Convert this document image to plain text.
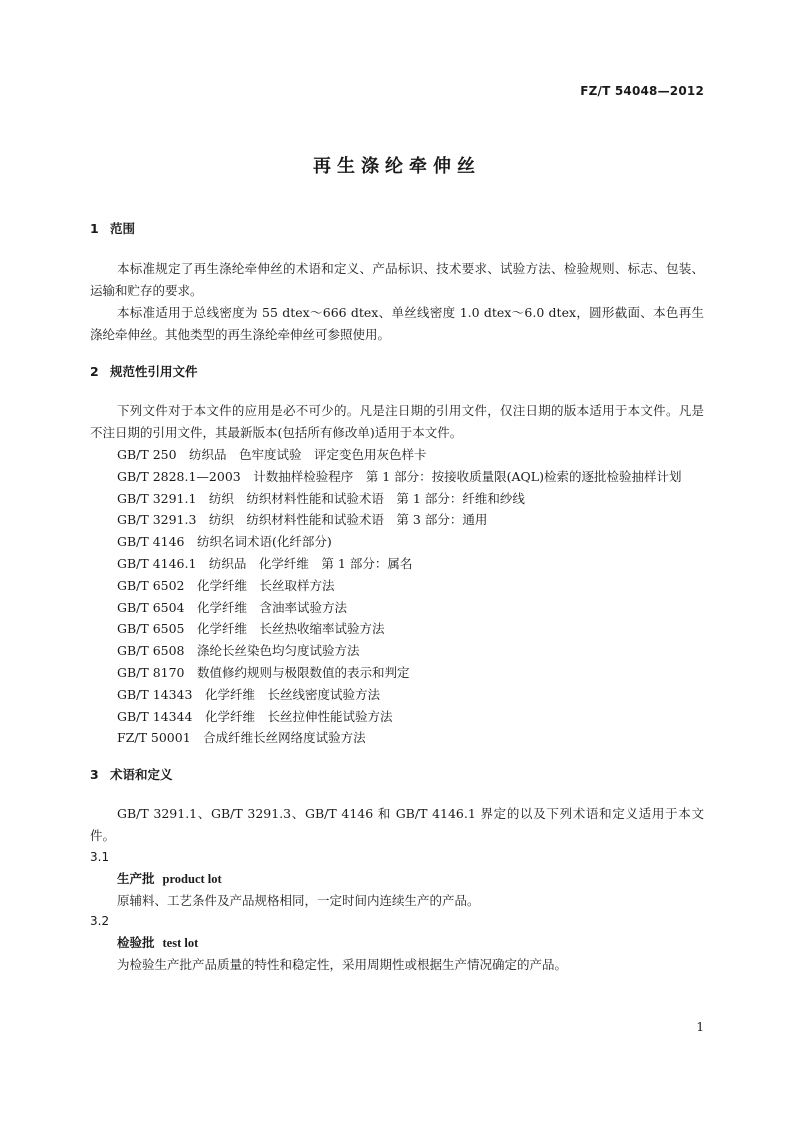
FZ/T 54048—2012
再生涤纶牵伸丝
1 范围

本标准规定了再生涤纶牵伸丝的术语和定义、产品标识、技术要求、试验方法、检验规则、标志、包装、运输和贮存的要求。

本标准适用于总线密度为 55 dtex～666 dtex、单丝线密度 1.0 dtex～6.0 dtex，圆形截面、本色再生涤纶牵伸丝。其他类型的再生涤纶牵伸丝可参照使用。

2 规范性引用文件

下列文件对于本文件的应用是必不可少的。凡是注日期的引用文件，仅注日期的版本适用于本文件。凡是不注日期的引用文件，其最新版本(包括所有修改单)适用于本文件。

GB/T 250　纺织品　色牢度试验　评定变色用灰色样卡

GB/T 2828.1—2003　计数抽样检验程序　第 1 部分：按接收质量限(AQL)检索的逐批检验抽样计划

GB/T 3291.1　纺织　纺织材料性能和试验术语　第 1 部分：纤维和纱线

GB/T 3291.3　纺织　纺织材料性能和试验术语　第 3 部分：通用

GB/T 4146　纺织名词术语(化纤部分)

GB/T 4146.1　纺织品　化学纤维　第 1 部分：属名

GB/T 6502　化学纤维　长丝取样方法

GB/T 6504　化学纤维　含油率试验方法

GB/T 6505　化学纤维　长丝热收缩率试验方法

GB/T 6508　涤纶长丝染色均匀度试验方法

GB/T 8170　数值修约规则与极限数值的表示和判定

GB/T 14343　化学纤维　长丝线密度试验方法

GB/T 14344　化学纤维　长丝拉伸性能试验方法

FZ/T 50001　合成纤维长丝网络度试验方法

3 术语和定义

GB/T 3291.1、GB/T 3291.3、GB/T 4146 和 GB/T 4146.1 界定的以及下列术语和定义适用于本文件。

3.1

生产批 product lot

原辅料、工艺条件及产品规格相同，一定时间内连续生产的产品。

3.2

检验批 test lot

为检验生产批产品质量的特性和稳定性，采用周期性或根据生产情况确定的产品。

1
